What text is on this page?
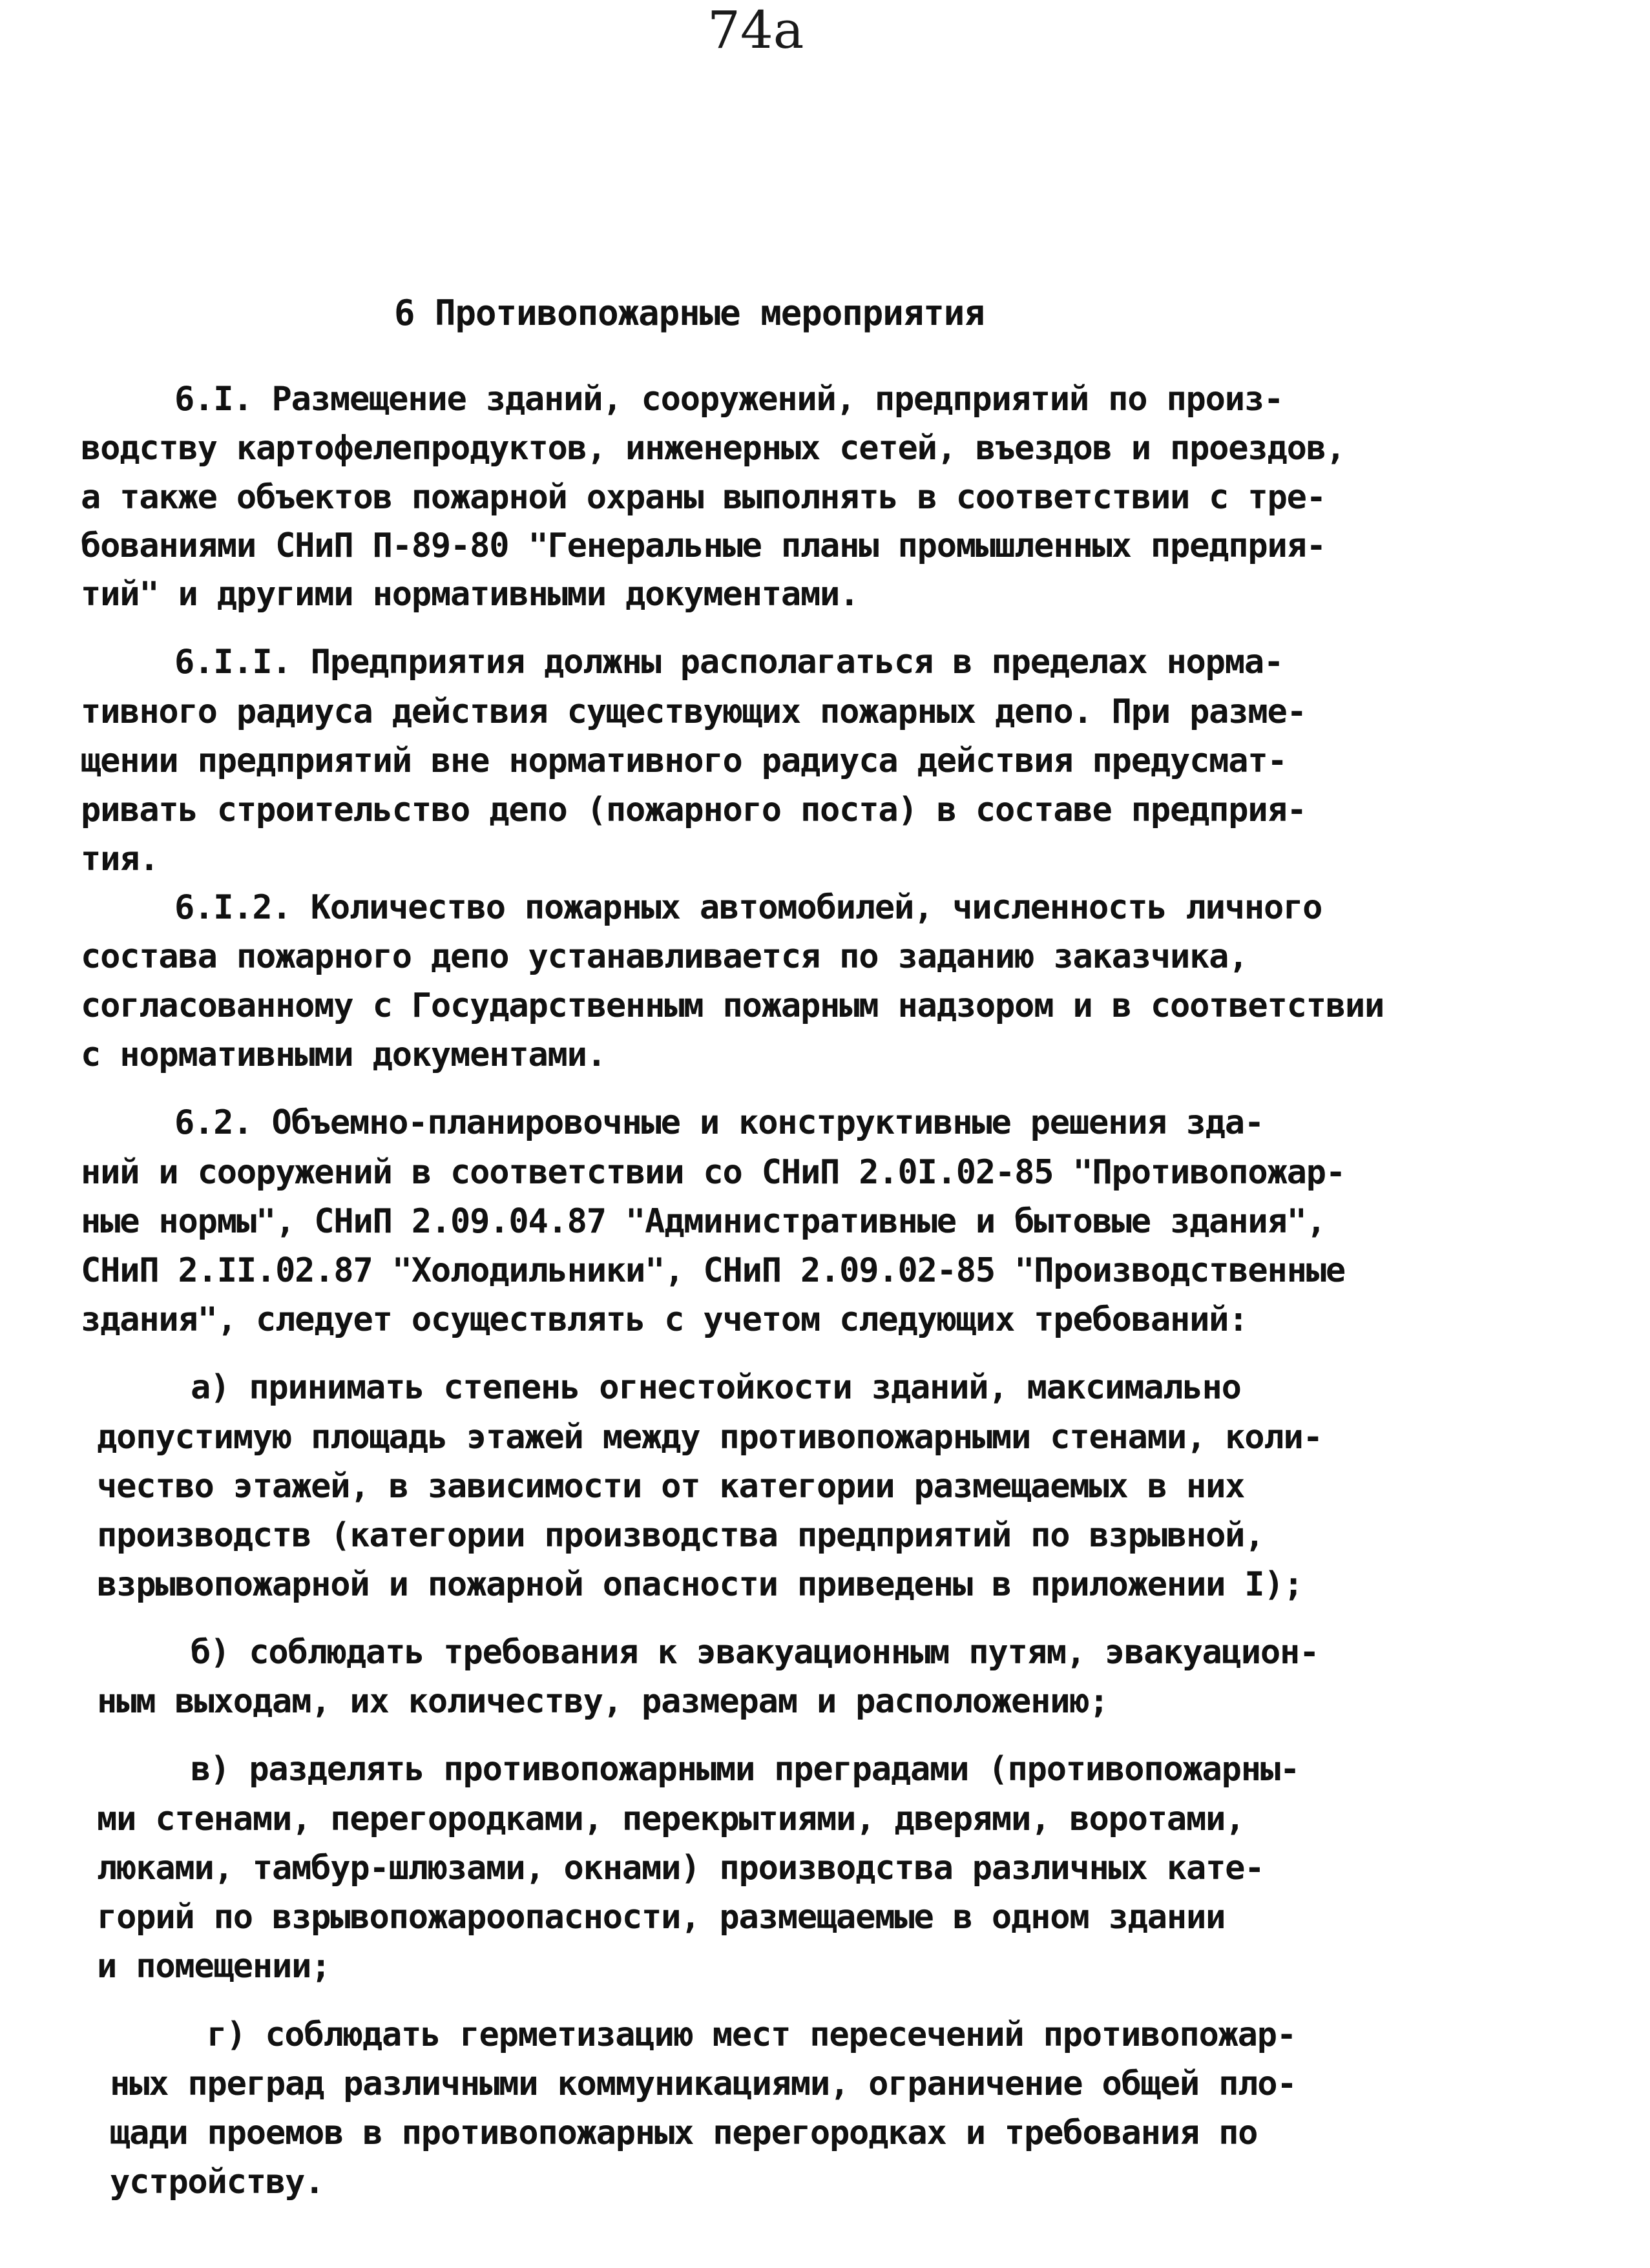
74а
6 Противопожарные мероприятия
6.I. Размещение зданий, сооружений, предприятий по произ-
водству картофелепродуктов, инженерных сетей, въездов и проездов,
а также объектов пожарной охраны выполнять в соответствии с тре-
бованиями СНиП П-89-80 "Генеральные планы промышленных предприя-
тий" и другими нормативными документами.
6.I.I. Предприятия должны располагаться в пределах норма-
тивного радиуса действия существующих пожарных депо. При разме-
щении предприятий вне нормативного радиуса действия предусмат-
ривать строительство депо (пожарного поста) в составе предприя-
тия.
6.I.2. Количество пожарных автомобилей, численность личного
состава пожарного депо устанавливается по заданию заказчика,
согласованному с Государственным пожарным надзором и в соответствии
с нормативными документами.
6.2. Объемно-планировочные и конструктивные решения зда-
ний и сооружений в соответствии со СНиП 2.0I.02-85 "Противопожар-
ные нормы", СНиП 2.09.04.87 "Административные и бытовые здания",
СНиП 2.II.02.87 "Холодильники", СНиП 2.09.02-85 "Производственные
здания", следует осуществлять с учетом следующих требований:
а) принимать степень огнестойкости зданий, максимально
допустимую площадь этажей между противопожарными стенами, коли-
чество этажей, в зависимости от категории размещаемых в них
производств (категории производства предприятий по взрывной,
взрывопожарной и пожарной опасности приведены в приложении I);
б) соблюдать требования к эвакуационным путям, эвакуацион-
ным выходам, их количеству, размерам и расположению;
в) разделять противопожарными преградами (противопожарны-
ми стенами, перегородками, перекрытиями, дверями, воротами,
люками, тамбур-шлюзами, окнами) производства различных кате-
горий по взрывопожароопасности, размещаемые в одном здании
и помещении;
г) соблюдать герметизацию мест пересечений противопожар-
ных преград различными коммуникациями, ограничение общей пло-
щади проемов в противопожарных перегородках и требования по
устройству.
